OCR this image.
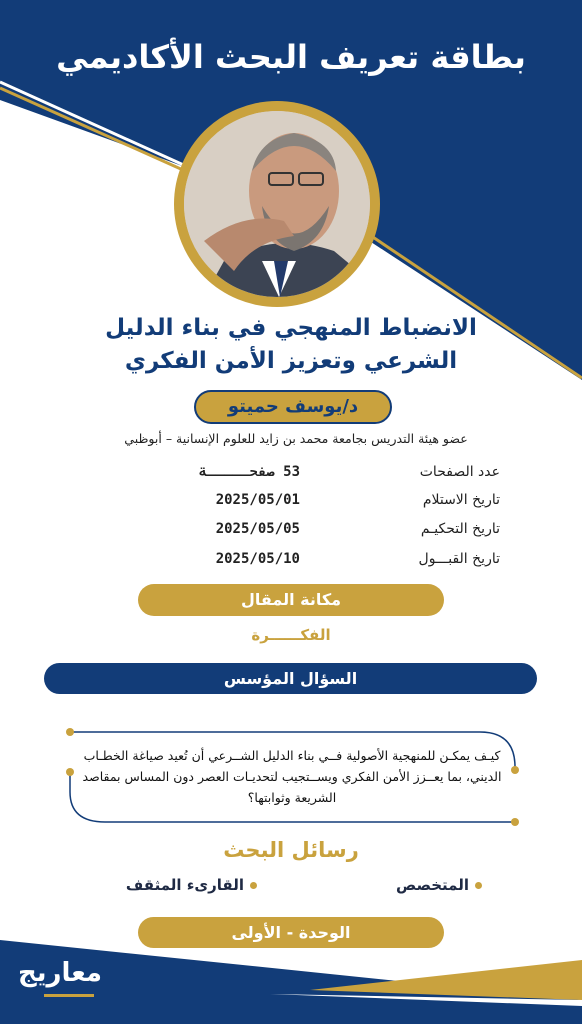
بطاقة تعريف البحث الأكاديمي
الانضباط المنهجي في بناء الدليل
الشرعي وتعزيز الأمن الفكري
د/يوسف حميتو
عضو هيئة التدريس بجامعة محمد بن زايد للعلوم الإنسانية – أبوظبي
عدد الصفحات
53 صفحـــــة
تاريخ الاستلام
2025/05/01
تاريخ التحكيـم
2025/05/05
تاريخ القبـــول
2025/05/10
مكانة المقال
الفكــــــرة
السؤال المؤسس
كيـف يمكـن للمنهجية الأصولية فــي بناء الدليل الشــرعي أن تُعيد صياغة الخطـاب الديني، بما يعــزز الأمن الفكري ويســتجيب لتحديـات العصر دون المساس بمقاصد الشريعة وثوابتها؟
رسائل البحث
المتخصص
القارىء المثقف
الوحدة - الأولى
معاريج
